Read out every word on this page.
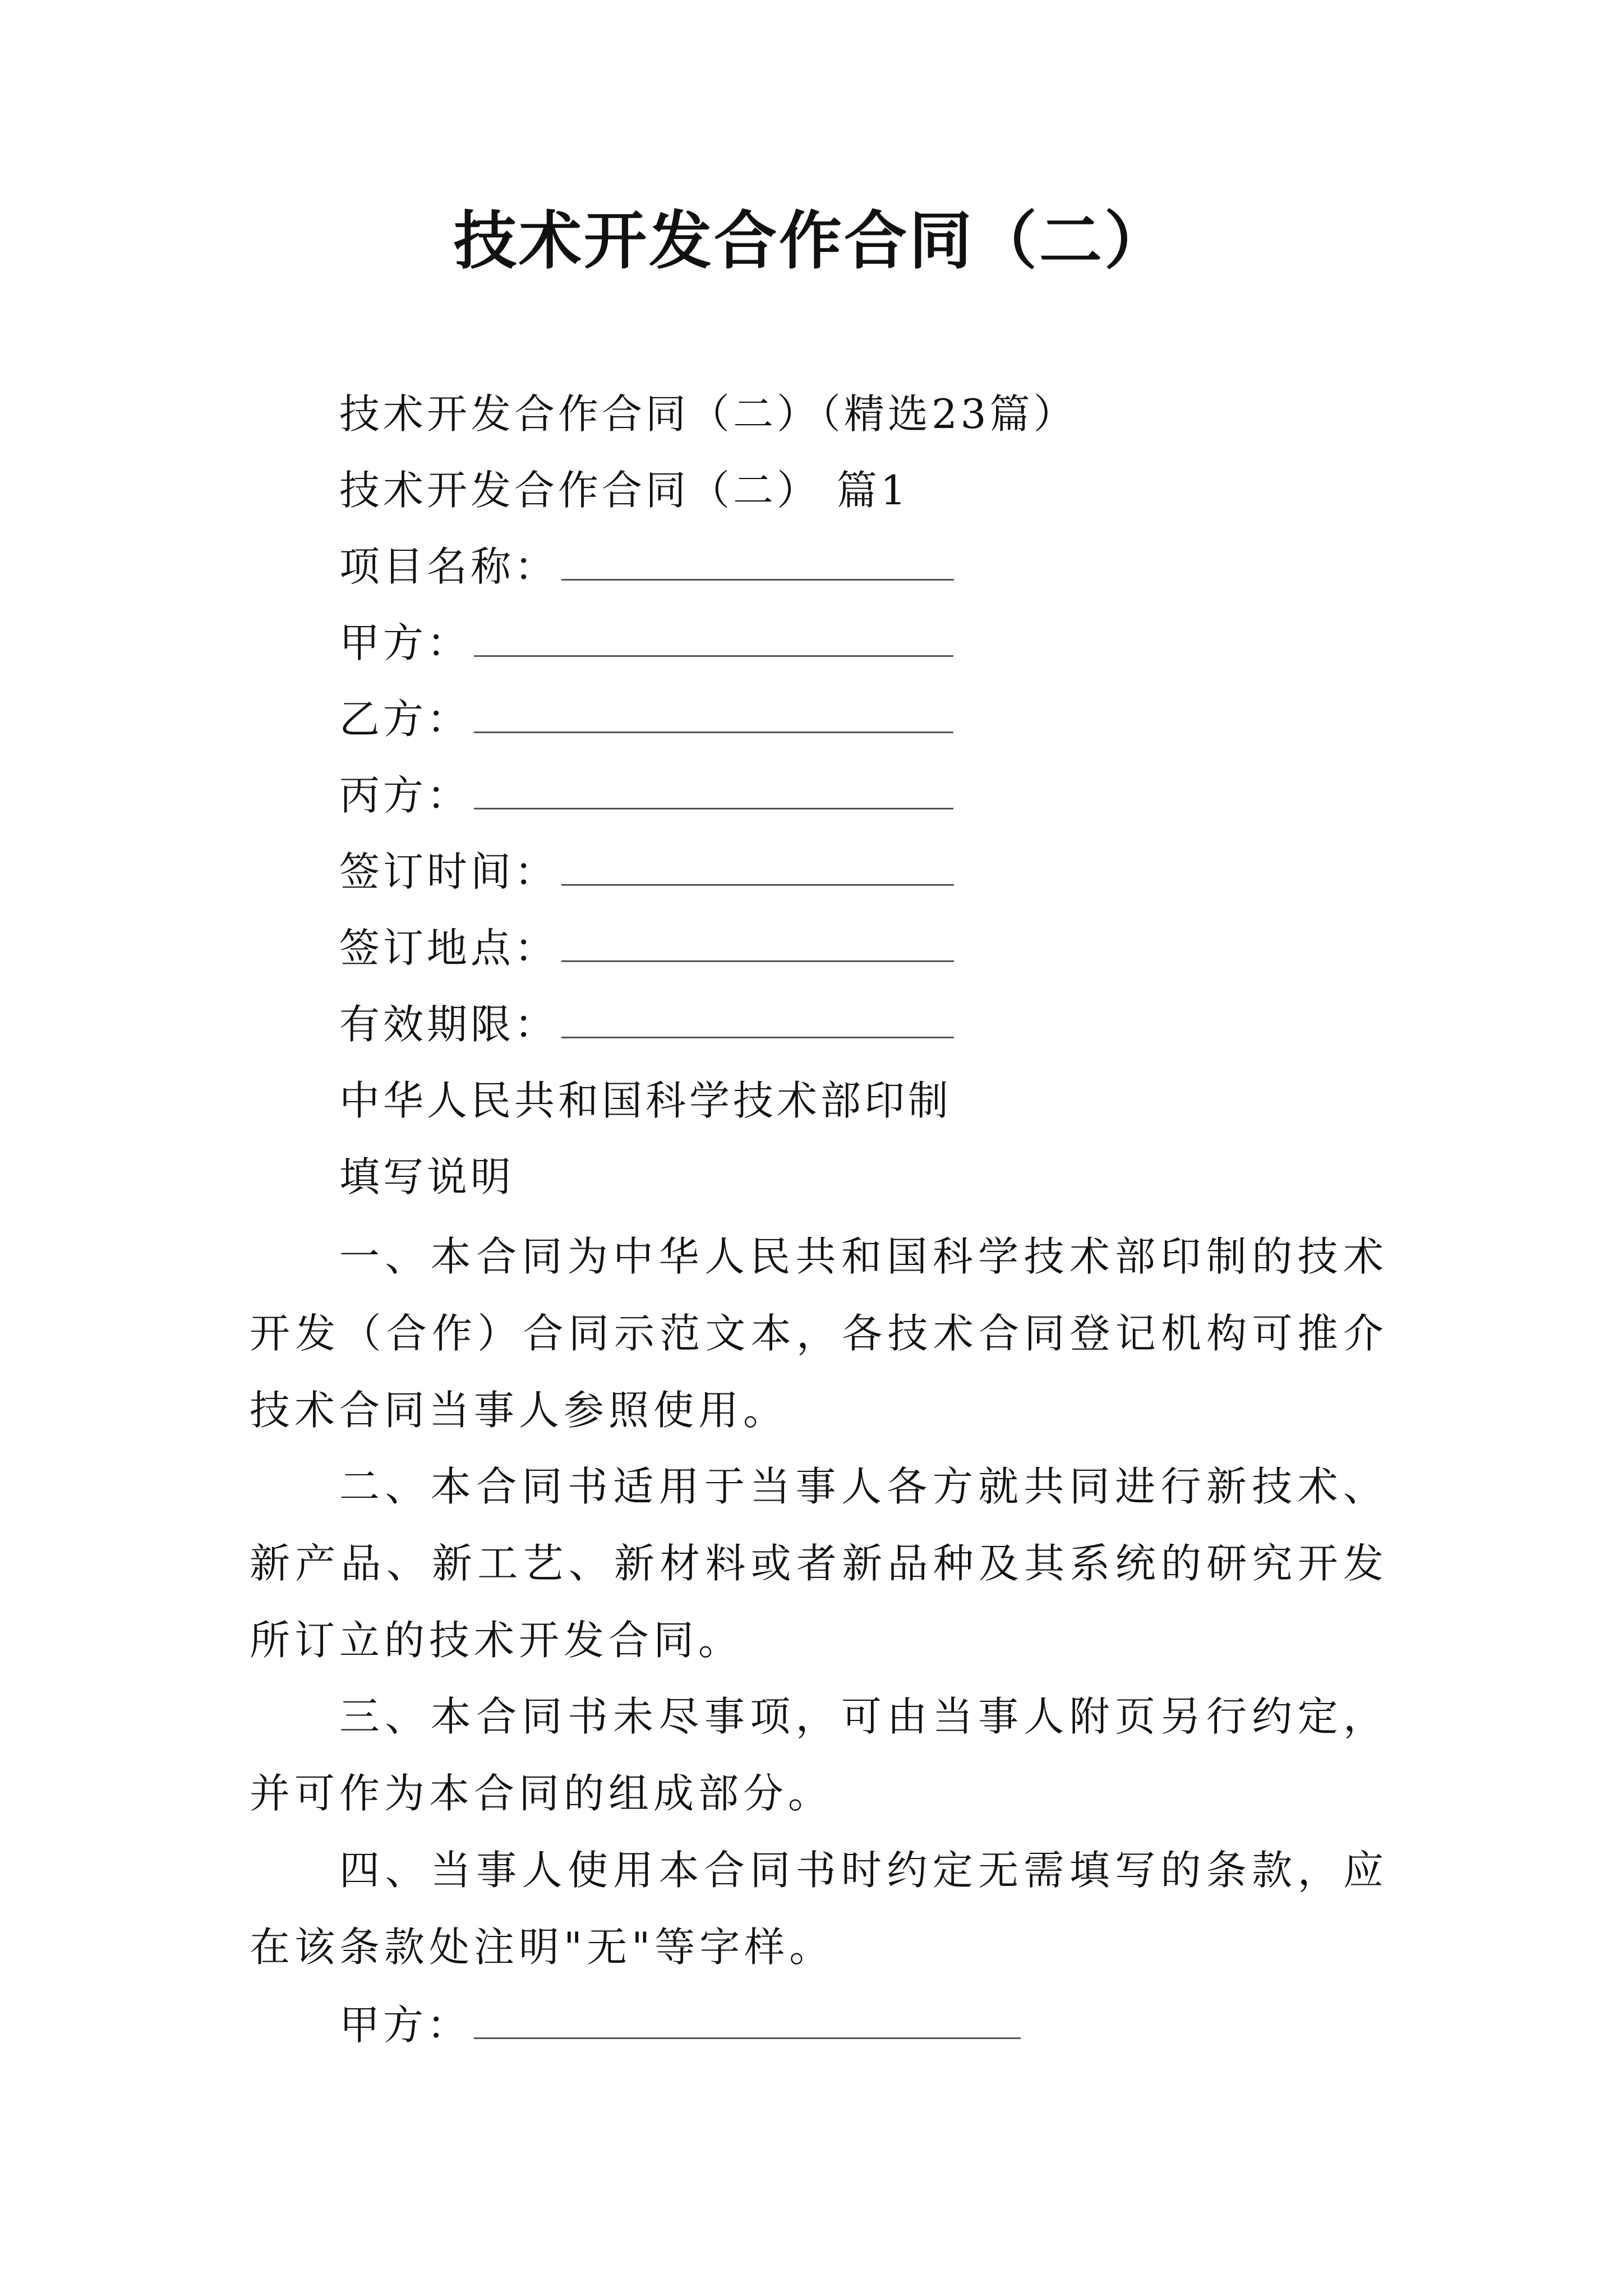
技术开发合作合同（二）
技术开发合作合同（二）（精选23篇）
技术开发合作合同（二） 篇1
项目名称：
甲方：
乙方：
丙方：
签订时间：
签订地点：
有效期限：
中华人民共和国科学技术部印制
填写说明

一、本合同为中华人民共和国科学技术部印制的技术开发（合作）合同示范文本，各技术合同登记机构可推介技术合同当事人参照使用。

二、本合同书适用于当事人各方就共同进行新技术、新产品、新工艺、新材料或者新品种及其系统的研究开发所订立的技术开发合同。

三、本合同书未尽事项，可由当事人附页另行约定，并可作为本合同的组成部分。

四、当事人使用本合同书时约定无需填写的条款，应在该条款处注明"无"等字样。

甲方：
